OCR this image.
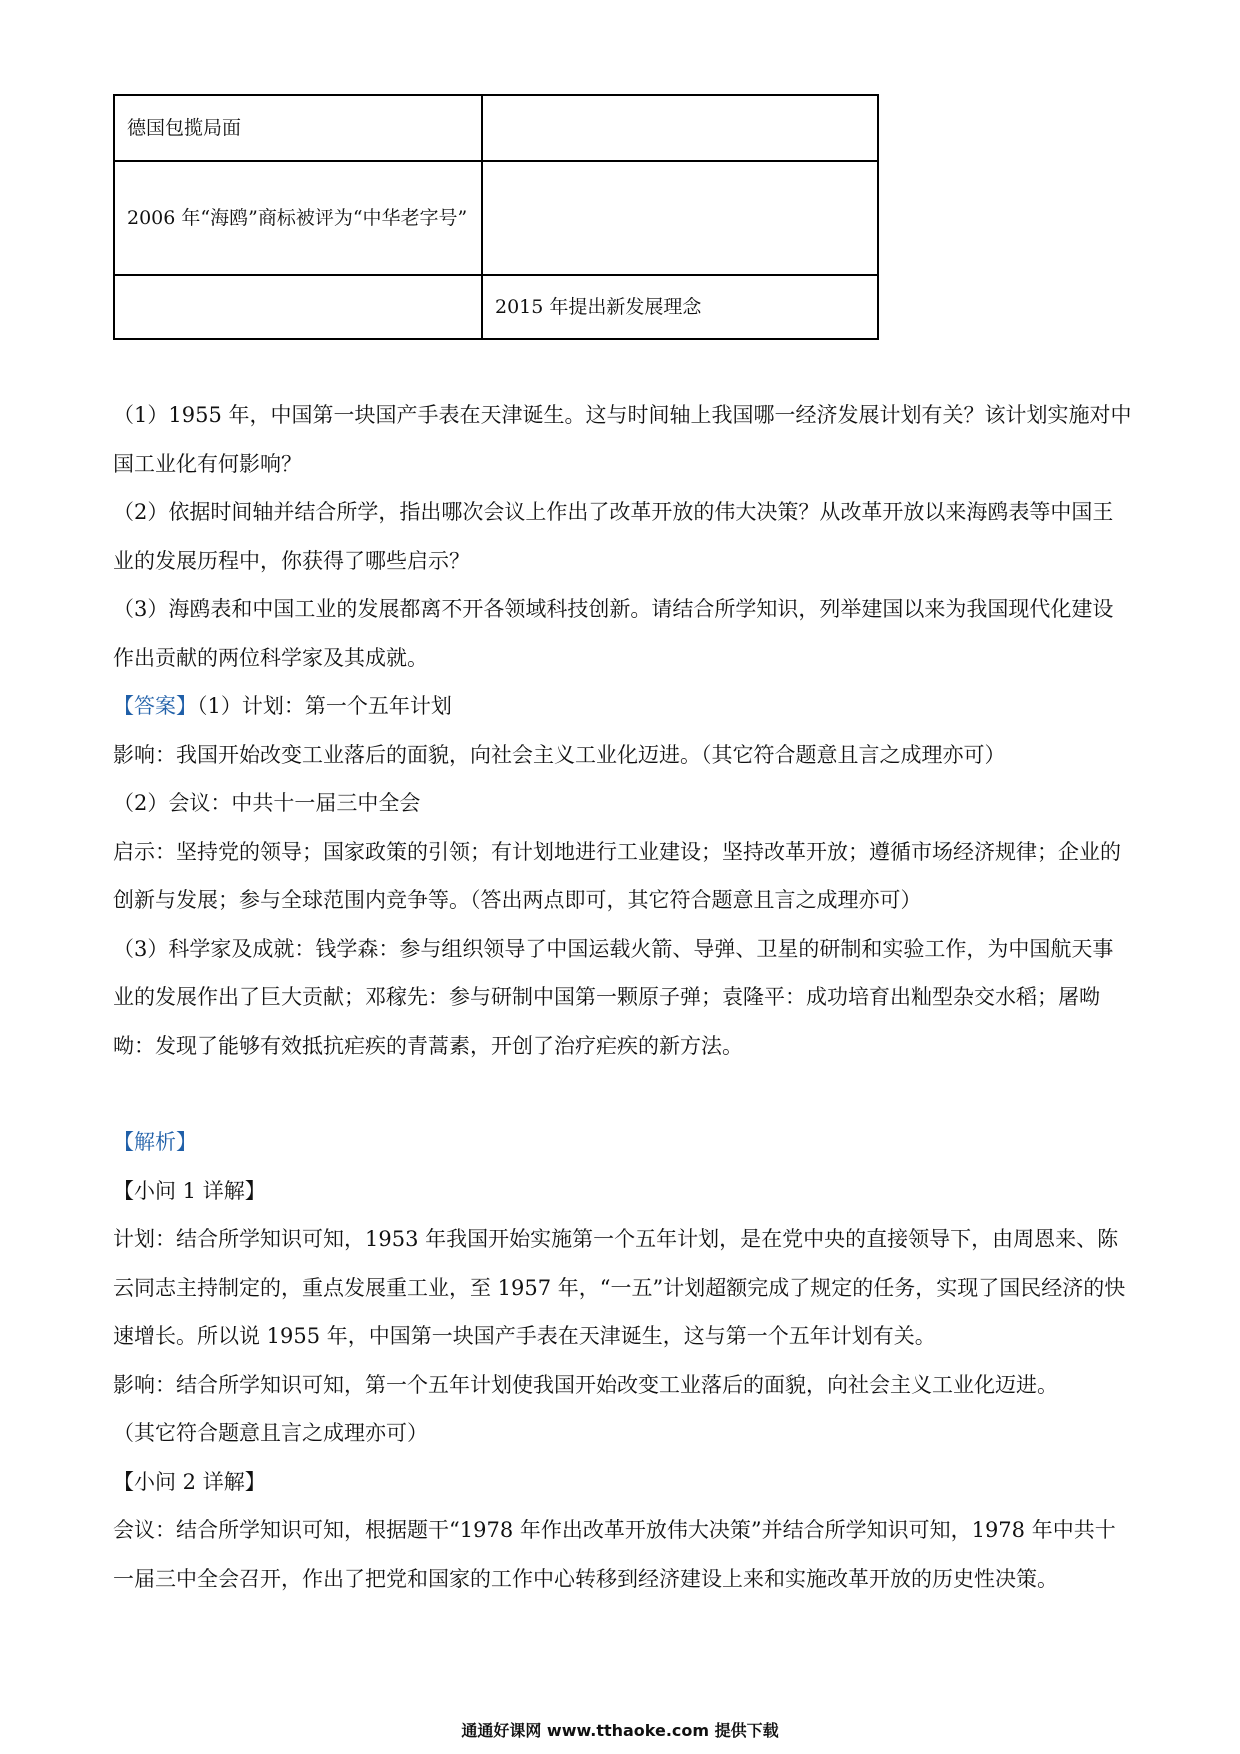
德国包揽局面	
2006 年“海鸥”商标被评为“中华老字号”	
	2015 年提出新发展理念

（1）1955 年，中国第一块国产手表在天津诞生。这与时间轴上我国哪一经济发展计划有关？该计划实施对中国工业化有何影响？

（2）依据时间轴并结合所学，指出哪次会议上作出了改革开放的伟大决策？从改革开放以来海鸥表等中国王业的发展历程中，你获得了哪些启示？

（3）海鸥表和中国工业的发展都离不开各领域科技创新。请结合所学知识，列举建国以来为我国现代化建设作出贡献的两位科学家及其成就。

【答案】（1）计划：第一个五年计划

影响：我国开始改变工业落后的面貌，向社会主义工业化迈进。（其它符合题意且言之成理亦可）

（2）会议：中共十一届三中全会

启示：坚持党的领导；国家政策的引领；有计划地进行工业建设；坚持改革开放；遵循市场经济规律；企业的创新与发展；参与全球范围内竞争等。（答出两点即可，其它符合题意且言之成理亦可）

（3）科学家及成就：钱学森：参与组织领导了中国运载火箭、导弹、卫星的研制和实验工作，为中国航天事业的发展作出了巨大贡献；邓稼先：参与研制中国第一颗原子弹；袁隆平：成功培育出籼型杂交水稻；屠呦呦：发现了能够有效抵抗疟疾的青蒿素，开创了治疗疟疾的新方法。

【解析】

【小问 1 详解】

计划：结合所学知识可知，1953 年我国开始实施第一个五年计划，是在党中央的直接领导下，由周恩来、陈云同志主持制定的，重点发展重工业，至 1957 年，“一五”计划超额完成了规定的任务，实现了国民经济的快速增长。所以说 1955 年，中国第一块国产手表在天津诞生，这与第一个五年计划有关。

影响：结合所学知识可知，第一个五年计划使我国开始改变工业落后的面貌，向社会主义工业化迈进。

（其它符合题意且言之成理亦可）

【小问 2 详解】

会议：结合所学知识可知，根据题干“1978 年作出改革开放伟大决策”并结合所学知识可知，1978 年中共十一届三中全会召开，作出了把党和国家的工作中心转移到经济建设上来和实施改革开放的历史性决策。

通通好课网 www.tthaoke.com 提供下载
